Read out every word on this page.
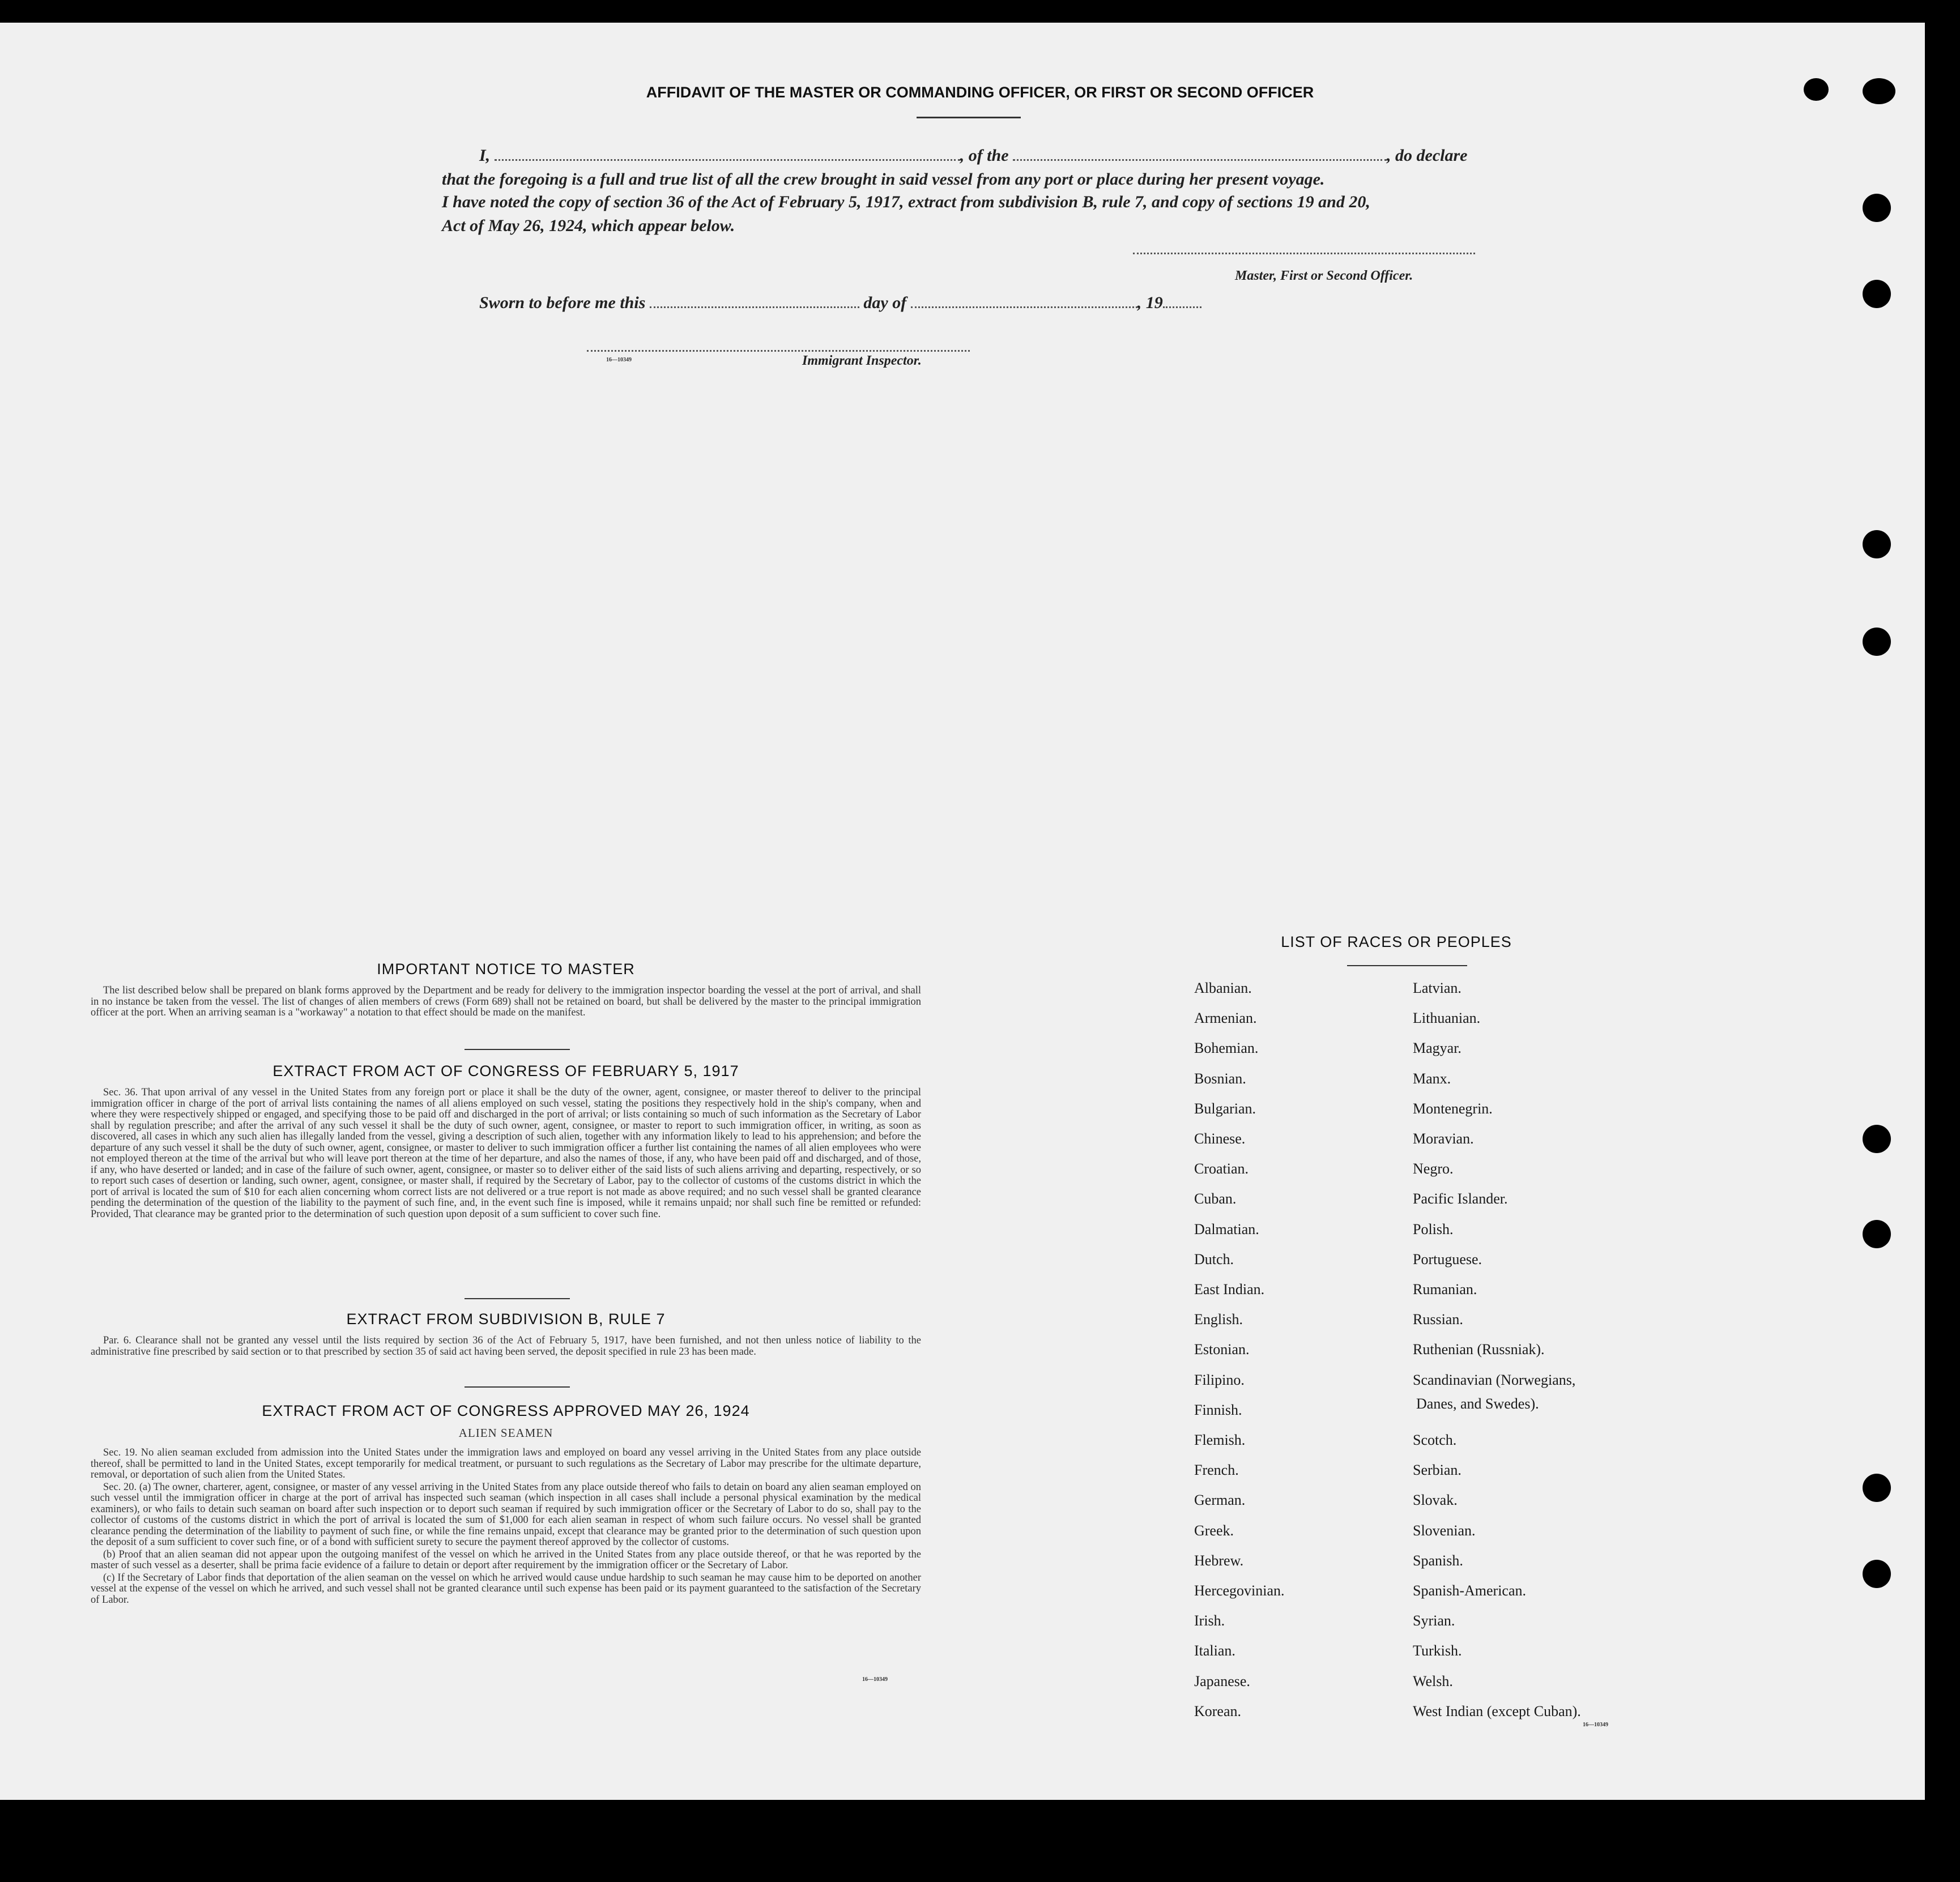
AFFIDAVIT OF THE MASTER OR COMMANDING OFFICER, OR FIRST OR SECOND OFFICER
I,	, of the	, do declare
that the foregoing is a full and true list of all the crew brought in said vessel from any port or place during her present voyage.
I have noted the copy of section 36 of the Act of February 5, 1917, extract from subdivision B, rule 7, and copy of sections 19 and 20,
Act of May 26, 1924, which appear below.
Master, First or Second Officer.
Sworn to before me this	day of	, 19
16—10349	Immigrant Inspector.
IMPORTANT NOTICE TO MASTER

The list described below shall be prepared on blank forms approved by the Department and be ready for delivery to the immigration inspector boarding the vessel at the port of arrival, and shall in no instance be taken from the vessel. The list of changes of alien members of crews (Form 689) shall not be retained on board, but shall be delivered by the master to the principal immigration officer at the port. When an arriving seaman is a "workaway" a notation to that effect should be made on the manifest.

EXTRACT FROM ACT OF CONGRESS OF FEBRUARY 5, 1917

Sec. 36. That upon arrival of any vessel in the United States from any foreign port or place it shall be the duty of the owner, agent, consignee, or master thereof to deliver to the principal immigration officer in charge of the port of arrival lists containing the names of all aliens employed on such vessel, stating the positions they respectively hold in the ship's company, when and where they were respectively shipped or engaged, and specifying those to be paid off and discharged in the port of arrival; or lists containing so much of such information as the Secretary of Labor shall by regulation prescribe; and after the arrival of any such vessel it shall be the duty of such owner, agent, consignee, or master to report to such immigration officer, in writing, as soon as discovered, all cases in which any such alien has illegally landed from the vessel, giving a description of such alien, together with any information likely to lead to his apprehension; and before the departure of any such vessel it shall be the duty of such owner, agent, consignee, or master to deliver to such immigration officer a further list containing the names of all alien employees who were not employed thereon at the time of the arrival but who will leave port thereon at the time of her departure, and also the names of those, if any, who have been paid off and discharged, and of those, if any, who have deserted or landed; and in case of the failure of such owner, agent, consignee, or master so to deliver either of the said lists of such aliens arriving and departing, respectively, or so to report such cases of desertion or landing, such owner, agent, consignee, or master shall, if required by the Secretary of Labor, pay to the collector of customs of the customs district in which the port of arrival is located the sum of $10 for each alien concerning whom correct lists are not delivered or a true report is not made as above required; and no such vessel shall be granted clearance pending the determination of the question of the liability to the payment of such fine, and, in the event such fine is imposed, while it remains unpaid; nor shall such fine be remitted or refunded: Provided, That clearance may be granted prior to the determination of such question upon deposit of a sum sufficient to cover such fine.

EXTRACT FROM SUBDIVISION B, RULE 7

Par. 6. Clearance shall not be granted any vessel until the lists required by section 36 of the Act of February 5, 1917, have been furnished, and not then unless notice of liability to the administrative fine prescribed by said section or to that prescribed by section 35 of said act having been served, the deposit specified in rule 23 has been made.

EXTRACT FROM ACT OF CONGRESS APPROVED MAY 26, 1924
ALIEN SEAMEN

Sec. 19. No alien seaman excluded from admission into the United States under the immigration laws and employed on board any vessel arriving in the United States from any place outside thereof, shall be permitted to land in the United States, except temporarily for medical treatment, or pursuant to such regulations as the Secretary of Labor may prescribe for the ultimate departure, removal, or deportation of such alien from the United States.

Sec. 20. (a) The owner, charterer, agent, consignee, or master of any vessel arriving in the United States from any place outside thereof who fails to detain on board any alien seaman employed on such vessel until the immigration officer in charge at the port of arrival has inspected such seaman (which inspection in all cases shall include a personal physical examination by the medical examiners), or who fails to detain such seaman on board after such inspection or to deport such seaman if required by such immigration officer or the Secretary of Labor to do so, shall pay to the collector of customs of the customs district in which the port of arrival is located the sum of $1,000 for each alien seaman in respect of whom such failure occurs. No vessel shall be granted clearance pending the determination of the liability to payment of such fine, or while the fine remains unpaid, except that clearance may be granted prior to the determination of such question upon the deposit of a sum sufficient to cover such fine, or of a bond with sufficient surety to secure the payment thereof approved by the collector of customs.

(b) Proof that an alien seaman did not appear upon the outgoing manifest of the vessel on which he arrived in the United States from any place outside thereof, or that he was reported by the master of such vessel as a deserter, shall be prima facie evidence of a failure to detain or deport after requirement by the immigration officer or the Secretary of Labor.

(c) If the Secretary of Labor finds that deportation of the alien seaman on the vessel on which he arrived would cause undue hardship to such seaman he may cause him to be deported on another vessel at the expense of the vessel on which he arrived, and such vessel shall not be granted clearance until such expense has been paid or its payment guaranteed to the satisfaction of the Secretary of Labor.

16—10349
LIST OF RACES OR PEOPLES
Albanian.
Armenian.
Bohemian.
Bosnian.
Bulgarian.
Chinese.
Croatian.
Cuban.
Dalmatian.
Dutch.
East Indian.
English.
Estonian.
Filipino.
Finnish.
Flemish.
French.
German.
Greek.
Hebrew.
Hercegovinian.
Irish.
Italian.
Japanese.
Korean.
Latvian.
Lithuanian.
Magyar.
Manx.
Montenegrin.
Moravian.
Negro.
Pacific Islander.
Polish.
Portuguese.
Rumanian.
Russian.
Ruthenian (Russniak).
Scandinavian (Norwegians,
Scotch.
Serbian.
Slovak.
Slovenian.
Spanish.
Spanish-American.
Syrian.
Turkish.
Welsh.
West Indian (except Cuban).
Danes, and Swedes).
16—10349
